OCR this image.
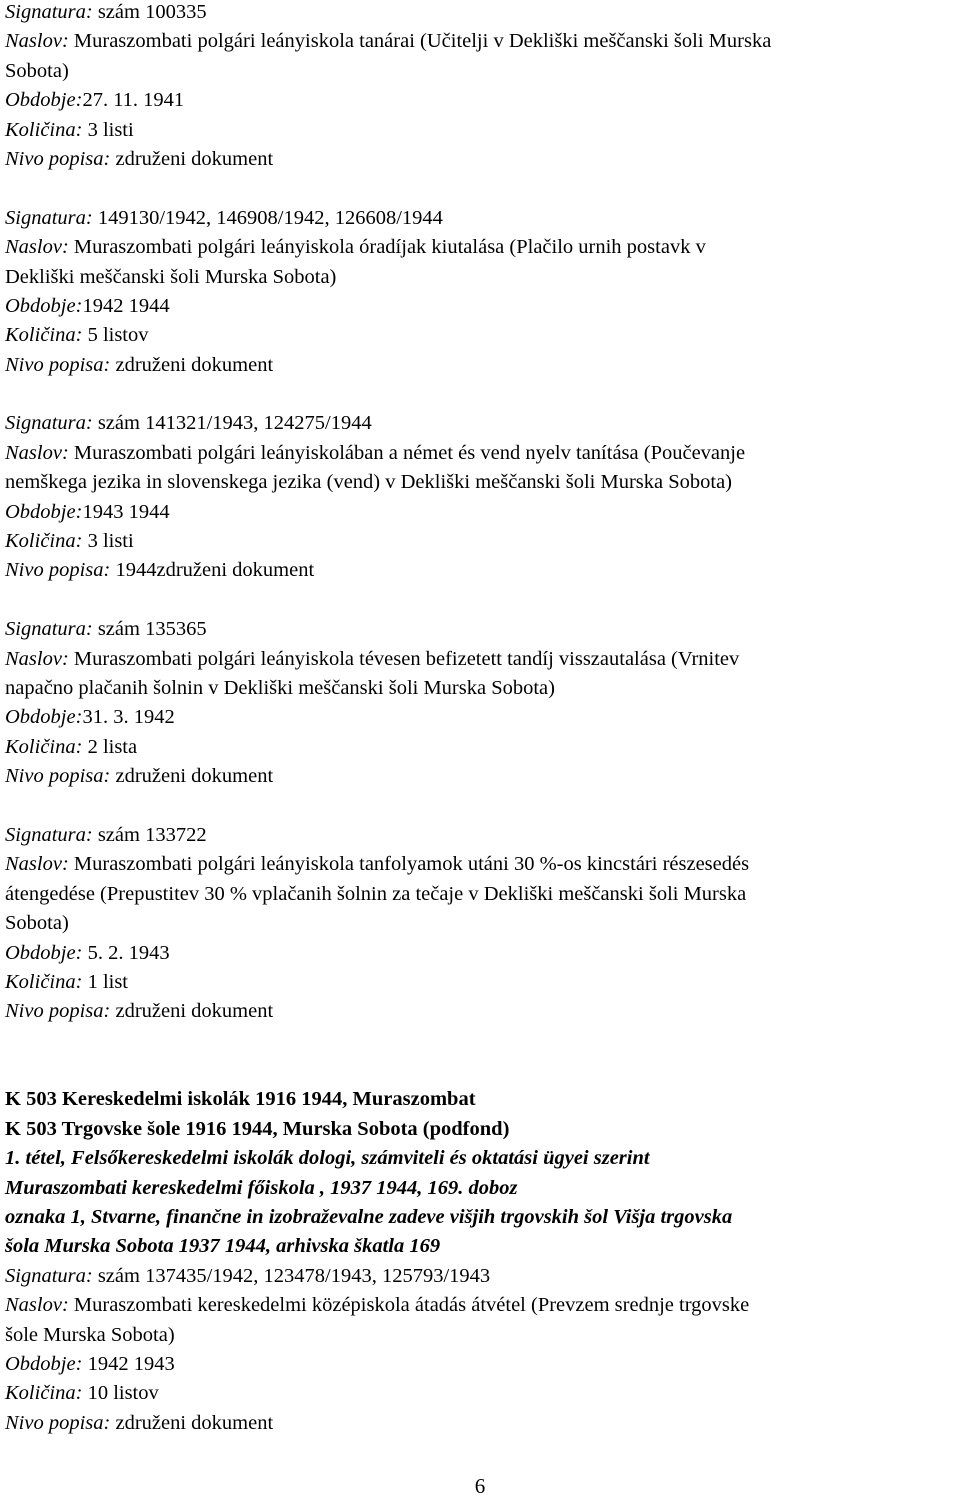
Signatura: szám 100335
Naslov: Muraszombati polgári leányiskola tanárai (Učitelji v Dekliški meščanski šoli Murska
Sobota)
Obdobje:27. 11. 1941
Količina: 3 listi
Nivo popisa: združeni dokument
Signatura: 149130/1942, 146908/1942, 126608/1944
Naslov: Muraszombati polgári leányiskola óradíjak kiutalása (Plačilo urnih postavk v
Dekliški meščanski šoli Murska Sobota)
Obdobje:1942 1944
Količina: 5 listov
Nivo popisa: združeni dokument
Signatura: szám 141321/1943, 124275/1944
Naslov: Muraszombati polgári leányiskolában a német és vend nyelv tanítása (Poučevanje
nemškega jezika in slovenskega jezika (vend) v Dekliški meščanski šoli Murska Sobota)
Obdobje:1943 1944
Količina: 3 listi
Nivo popisa: 1944združeni dokument
Signatura: szám 135365
Naslov: Muraszombati polgári leányiskola tévesen befizetett tandíj visszautalása (Vrnitev
napačno plačanih šolnin v Dekliški meščanski šoli Murska Sobota)
Obdobje:31. 3. 1942
Količina: 2 lista
Nivo popisa: združeni dokument
Signatura: szám 133722
Naslov: Muraszombati polgári leányiskola tanfolyamok utáni 30 %-os kincstári részesedés
átengedése (Prepustitev 30 % vplačanih šolnin za tečaje v Dekliški meščanski šoli Murska
Sobota)
Obdobje: 5. 2. 1943
Količina: 1 list
Nivo popisa: združeni dokument
K 503 Kereskedelmi iskolák 1916 1944, Muraszombat
K 503 Trgovske šole 1916 1944, Murska Sobota (podfond)
1. tétel, Felsőkereskedelmi iskolák dologi, számviteli és oktatási ügyei szerint
Muraszombati kereskedelmi főiskola , 1937 1944, 169. doboz
oznaka 1, Stvarne, finančne in izobraževalne zadeve višjih trgovskih šol Višja trgovska
šola Murska Sobota 1937 1944, arhivska škatla 169
Signatura: szám 137435/1942, 123478/1943, 125793/1943
Naslov: Muraszombati kereskedelmi középiskola átadás átvétel (Prevzem srednje trgovske
šole Murska Sobota)
Obdobje: 1942 1943
Količina: 10 listov
Nivo popisa: združeni dokument
6
